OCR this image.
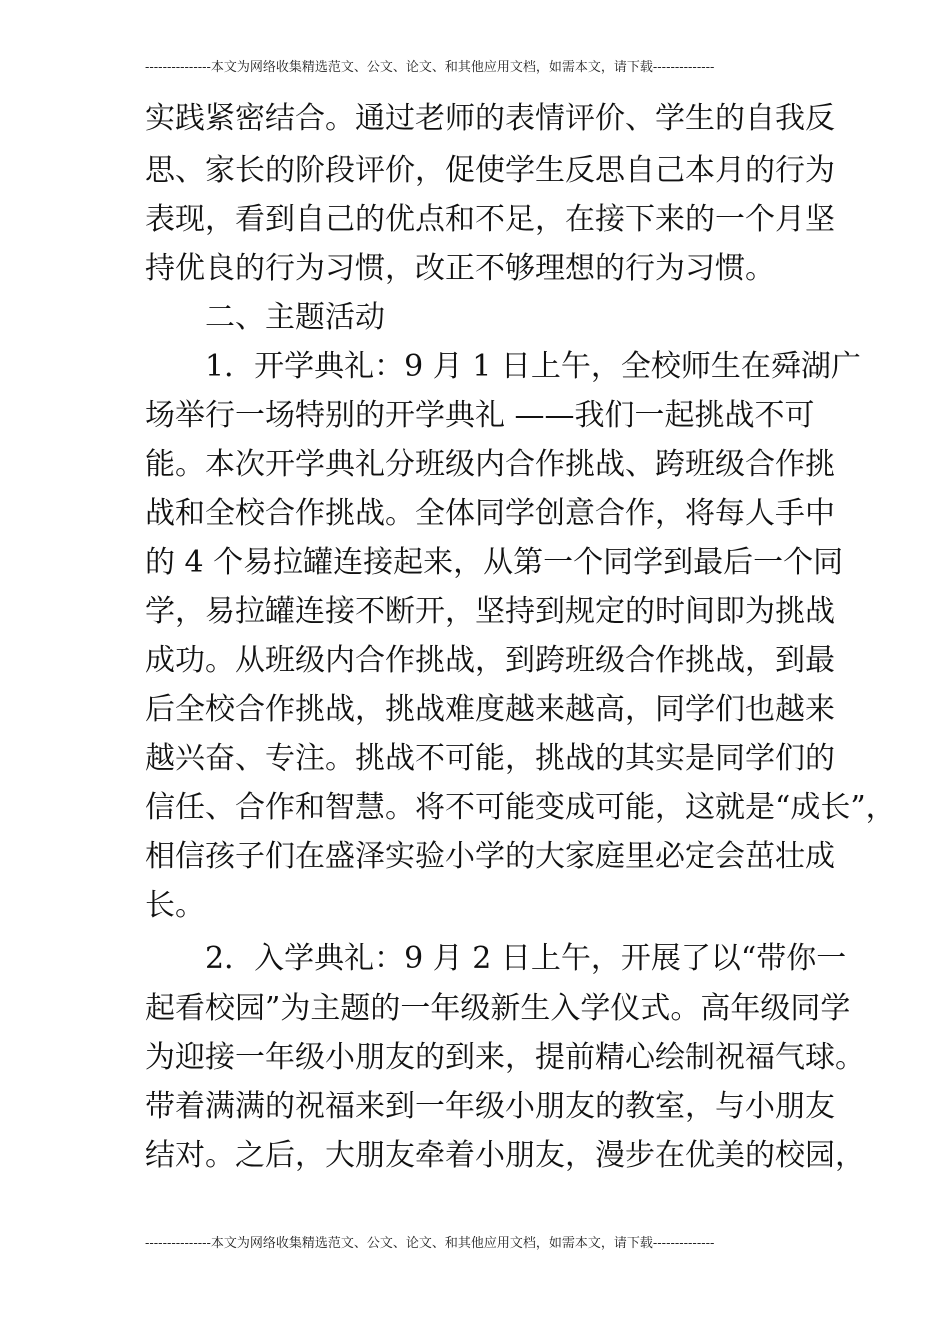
---------------本文为网络收集精选范文、公文、论文、和其他应用文档，如需本文，请下载--------------
实践紧密结合。通过老师的表情评价、学生的自我反
思、家长的阶段评价，促使学生反思自己本月的行为
表现，看到自己的优点和不足，在接下来的一个月坚
持优良的行为习惯，改正不够理想的行为习惯。
二、主题活动
1．开学典礼：9 月 1 日上午，全校师生在舜湖广
场举行一场特别的开学典礼 ——我们一起挑战不可
能。本次开学典礼分班级内合作挑战、跨班级合作挑
战和全校合作挑战。全体同学创意合作，将每人手中
的 4 个易拉罐连接起来，从第一个同学到最后一个同
学，易拉罐连接不断开，坚持到规定的时间即为挑战
成功。从班级内合作挑战，到跨班级合作挑战，到最
后全校合作挑战，挑战难度越来越高，同学们也越来
越兴奋、专注。挑战不可能，挑战的其实是同学们的
信任、合作和智慧。将不可能变成可能，这就是“成长”，
相信孩子们在盛泽实验小学的大家庭里必定会茁壮成
长。
2．入学典礼：9 月 2 日上午，开展了以“带你一
起看校园”为主题的一年级新生入学仪式。高年级同学
为迎接一年级小朋友的到来，提前精心绘制祝福气球。
带着满满的祝福来到一年级小朋友的教室，与小朋友
结对。之后，大朋友牵着小朋友，漫步在优美的校园，
---------------本文为网络收集精选范文、公文、论文、和其他应用文档，如需本文，请下载--------------
